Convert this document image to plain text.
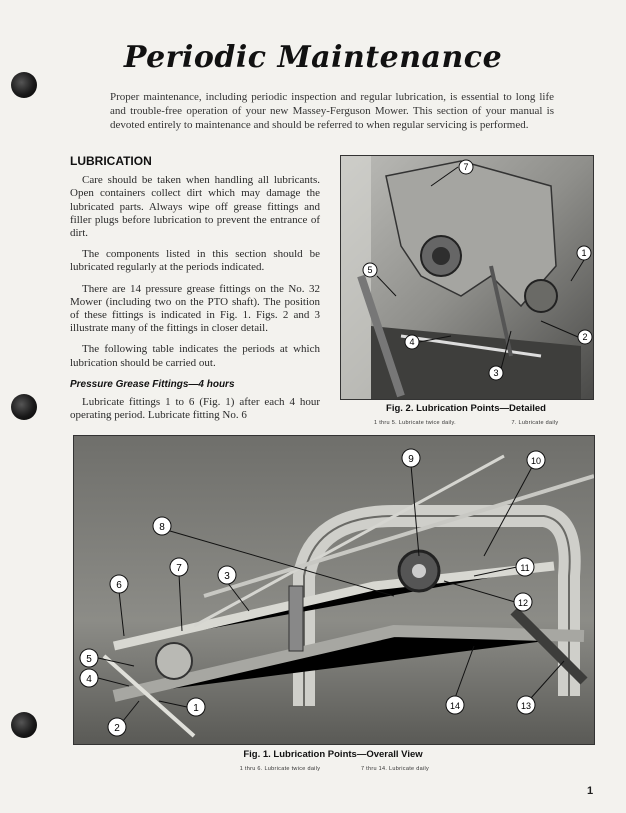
Periodic Maintenance
Proper maintenance, including periodic inspection and regular lubrication, is essential to long life and trouble-free operation of your new Massey-Ferguson Mower. This section of your manual is devoted entirely to maintenance and should be referred to when regular servicing is performed.
LUBRICATION

Care should be taken when handling all lubricants. Open containers collect dirt which may damage the lubricated parts. Always wipe off grease fittings and filler plugs before lubrication to prevent the entrance of dirt.

The components listed in this section should be lubricated regularly at the periods indicated.

There are 14 pressure grease fittings on the No. 32 Mower (including two on the PTO shaft). The position of these fittings is indicated in Fig. 1. Figs. 2 and 3 illustrate many of the fittings in closer detail.

The following table indicates the periods at which lubrication should be carried out.

Pressure Grease Fittings—4 hours

Lubricate fittings 1 to 6 (Fig. 1) after each 4 hour operating period. Lubricate fitting No. 6

7
1
5
4
3
2
Fig. 2. Lubrication Points—Detailed
1 thru 5. Lubricate twice daily.	7. Lubricate daily
9	10
8
7
3
6
5
4
2
1
11
12
14	13
Fig. 1. Lubrication Points—Overall View
1 thru 6. Lubricate twice daily	7 thru 14. Lubricate daily
1
